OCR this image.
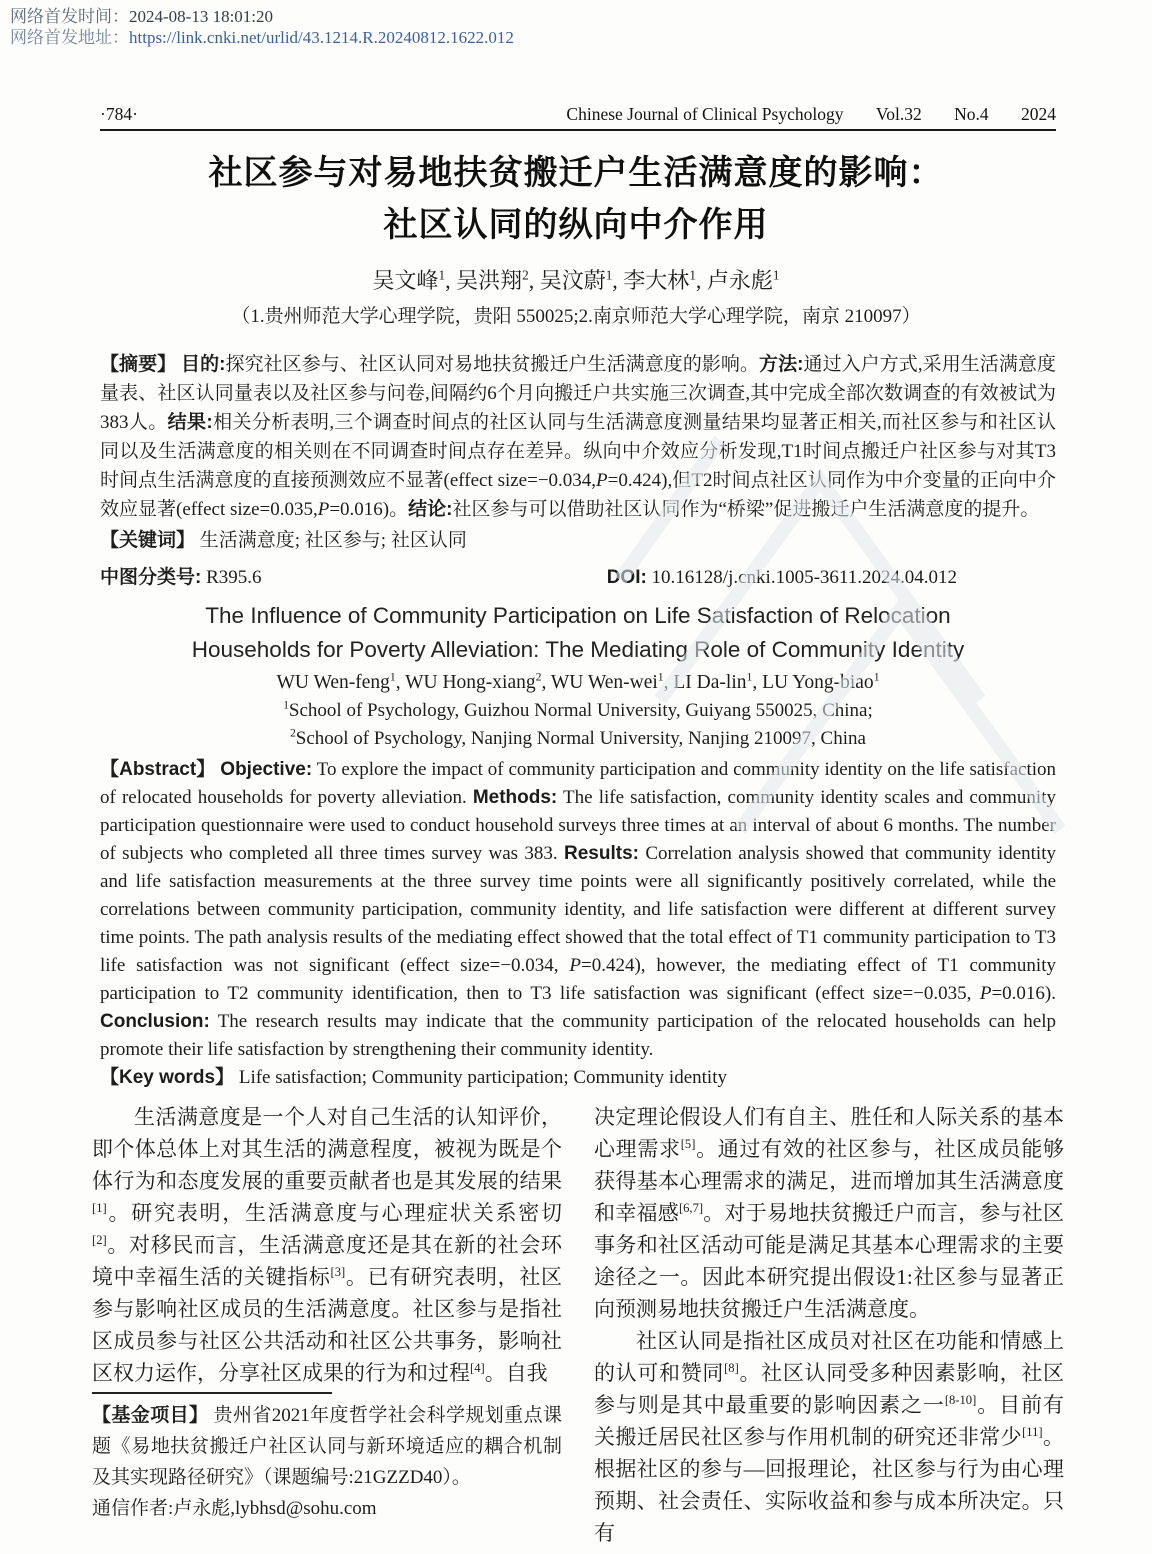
网络首发时间：2024-08-13 18:01:20
网络首发地址：https://link.cnki.net/urlid/43.1214.R.20240812.1622.012
·784·	Chinese Journal of Clinical Psychology Vol.32 No.4 2024
社区参与对易地扶贫搬迁户生活满意度的影响：
社区认同的纵向中介作用
吴文峰$^1$, 吴洪翔$^2$, 吴汶蔚$^1$, 李大林$^1$, 卢永彪$^1$
（1.贵州师范大学心理学院，贵阳 550025;2.南京师范大学心理学院，南京 210097）
【摘要】 目的:探究社区参与、社区认同对易地扶贫搬迁户生活满意度的影响。方法:通过入户方式,采用生活满意度量表、社区认同量表以及社区参与问卷,间隔约6个月向搬迁户共实施三次调查,其中完成全部次数调查的有效被试为383人。结果:相关分析表明,三个调查时间点的社区认同与生活满意度测量结果均显著正相关,而社区参与和社区认同以及生活满意度的相关则在不同调查时间点存在差异。纵向中介效应分析发现,T1时间点搬迁户社区参与对其T3时间点生活满意度的直接预测效应不显著(effect size=−0.034,P=0.424),但T2时间点社区认同作为中介变量的正向中介效应显著(effect size=0.035,P=0.016)。结论:社区参与可以借助社区认同作为“桥梁”促进搬迁户生活满意度的提升。
【关键词】 生活满意度; 社区参与; 社区认同
中图分类号: R395.6	DOI: 10.16128/j.cnki.1005-3611.2024.04.012
The Influence of Community Participation on Life Satisfaction of Relocation
Households for Poverty Alleviation: The Mediating Role of Community Identity
WU Wen-feng$^1$, WU Hong-xiang$^2$, WU Wen-wei$^1$, LI Da-lin$^1$, LU Yong-biao$^1$
$^1$School of Psychology, Guizhou Normal University, Guiyang 550025, China;
$^2$School of Psychology, Nanjing Normal University, Nanjing 210097, China
【Abstract】 Objective: To explore the impact of community participation and community identity on the life satisfaction of relocated households for poverty alleviation. Methods: The life satisfaction, community identity scales and community participation questionnaire were used to conduct household surveys three times at an interval of about 6 months. The number of subjects who completed all three times survey was 383. Results: Correlation analysis showed that community identity and life satisfaction measurements at the three survey time points were all significantly positively correlated, while the correlations between community participation, community identity, and life satisfaction were different at different survey time points. The path analysis results of the mediating effect showed that the total effect of T1 community participation to T3 life satisfaction was not significant (effect size=−0.034, P=0.424), however, the mediating effect of T1 community participation to T2 community identification, then to T3 life satisfaction was significant (effect size=−0.035, P=0.016). Conclusion: The research results may indicate that the community participation of the relocated households can help promote their life satisfaction by strengthening their community identity.
【Key words】 Life satisfaction; Community participation; Community identity

生活满意度是一个人对自己生活的认知评价，即个体总体上对其生活的满意程度，被视为既是个体行为和态度发展的重要贡献者也是其发展的结果[1]。研究表明，生活满意度与心理症状关系密切[2]。对移民而言，生活满意度还是其在新的社会环境中幸福生活的关键指标[3]。已有研究表明，社区参与影响社区成员的生活满意度。社区参与是指社区成员参与社区公共活动和社区公共事务，影响社区权力运作，分享社区成果的行为和过程[4]。自我

【基金项目】 贵州省2021年度哲学社会科学规划重点课题《易地扶贫搬迁户社区认同与新环境适应的耦合机制及其实现路径研究》（课题编号:21GZZD40）。

通信作者:卢永彪,lybhsd@sohu.com

决定理论假设人们有自主、胜任和人际关系的基本心理需求[5]。通过有效的社区参与，社区成员能够获得基本心理需求的满足，进而增加其生活满意度和幸福感[6,7]。对于易地扶贫搬迁户而言，参与社区事务和社区活动可能是满足其基本心理需求的主要途径之一。因此本研究提出假设1:社区参与显著正向预测易地扶贫搬迁户生活满意度。

社区认同是指社区成员对社区在功能和情感上的认可和赞同[8]。社区认同受多种因素影响，社区参与则是其中最重要的影响因素之一[8-10]。目前有关搬迁居民社区参与作用机制的研究还非常少[11]。根据社区的参与—回报理论，社区参与行为由心理预期、社会责任、实际收益和参与成本所决定。只有
